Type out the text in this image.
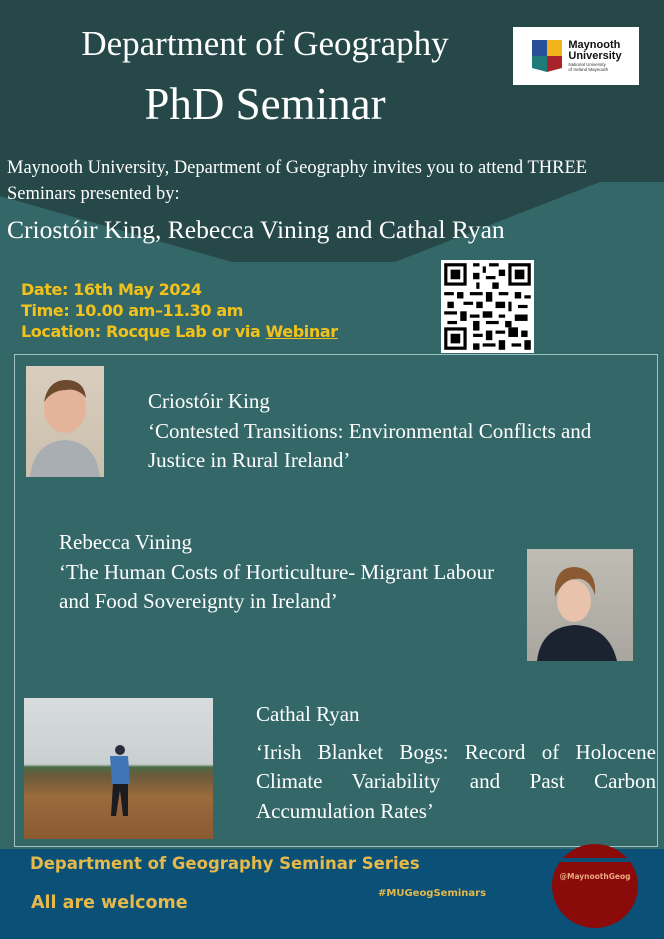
Department of Geography
PhD Seminar
Maynooth
University
National University
of Ireland Maynooth
Maynooth University, Department of Geography invites you to attend THREE Seminars presented by:
Criostóir King, Rebecca Vining and Cathal Ryan
Date: 16th May 2024
Time: 10.00 am–11.30 am
Location: Rocque Lab or via Webinar
Criostóir King
‘Contested Transitions: Environmental Conflicts and Justice in Rural Ireland’
Rebecca Vining
‘The Human Costs of Horticulture- Migrant Labour and Food Sovereignty in Ireland’
Cathal Ryan
‘Irish Blanket Bogs: Record of Holocene Climate Variability and Past Carbon Accumulation Rates’
Department of Geography Seminar Series
All are welcome	#MUGeogSeminars
@MaynoothGeog
